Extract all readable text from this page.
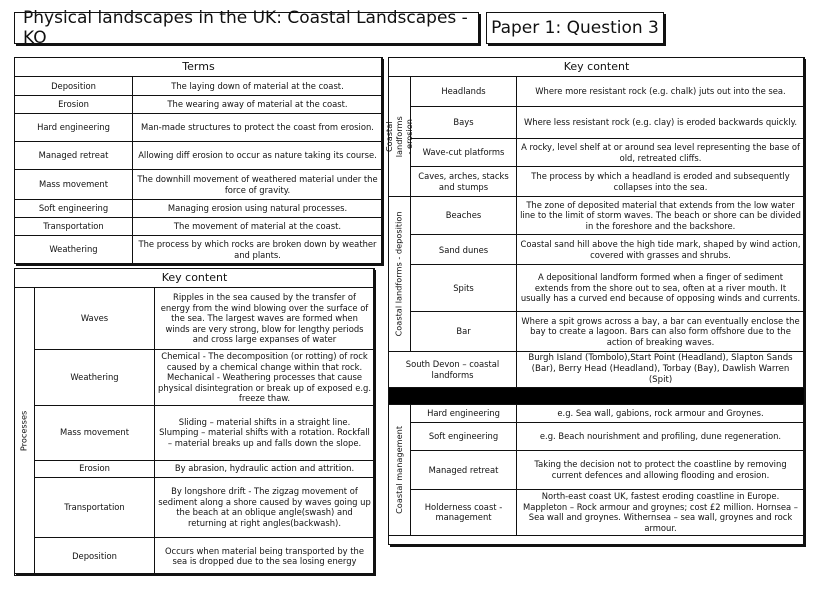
Physical landscapes in the UK: Coastal Landscapes - KO	Paper 1: Question 3
Terms	
Deposition	The laying down of material at the coast.
Erosion	The wearing away of material at the coast.
Hard engineering	Man-made structures to protect the coast from erosion.
Managed retreat	Allowing diff erosion to occur as nature taking its course.
Mass movement	The downhill movement of weathered material under the force of gravity.
Soft engineering	Managing erosion using natural processes.
Transportation	The movement of material at the coast.
Weathering	The process by which rocks are broken down by weather and plants.
Key content		

Processes	Waves	Ripples in the sea caused by the transfer of energy from the wind blowing over the surface of the sea. The largest waves are formed when winds are very strong, blow for lengthy periods and cross large expanses of water
	Weathering	Chemical - The decomposition (or rotting) of rock caused by a chemical change within that rock. Mechanical - Weathering processes that cause physical disintegration or break up of exposed e.g. freeze thaw.
	Mass movement	Sliding – material shifts in a straight line. Slumping – material shifts with a rotation. Rockfall – material breaks up and falls down the slope.
	Erosion	By abrasion, hydraulic action and attrition.
	Transportation	By longshore drift - The zigzag movement of sediment along a shore caused by waves going up the beach at an oblique angle(swash) and returning at right angles(backwash).
	Deposition	Occurs when material being transported by the sea is dropped due to the sea losing energy
Key content		

Coastal landforms - erosion	Headlands	Where more resistant rock (e.g. chalk) juts out into the sea.
	Bays	Where less resistant rock (e.g. clay) is eroded backwards quickly.
	Wave-cut platforms	A rocky, level shelf at or around sea level representing the base of old, retreated cliffs.
	Caves, arches, stacks and stumps	The process by which a headland is eroded and subsequently collapses into the sea.

Coastal landforms - deposition	Beaches	The zone of deposited material that extends from the low water line to the limit of storm waves. The beach or shore can be divided in the foreshore and the backshore.
	Sand dunes	Coastal sand hill above the high tide mark, shaped by wind action, covered with grasses and shrubs.
	Spits	A depositional landform formed when a finger of sediment extends from the shore out to sea, often at a river mouth. It usually has a curved end because of opposing winds and currents.
	Bar	Where a spit grows across a bay, a bar can eventually enclose the bay to create a lagoon. Bars can also form offshore due to the action of breaking waves.
South Devon – coastal landforms		Burgh Island (Tombolo),Start Point (Headland), Slapton Sands (Bar), Berry Head (Headland), Torbay (Bay), Dawlish Warren (Spit)

Coastal management	Hard engineering	e.g. Sea wall, gabions, rock armour and Groynes.
	Soft engineering	e.g. Beach nourishment and profiling, dune regeneration.
	Managed retreat	Taking the decision not to protect the coastline by removing current defences and allowing flooding and erosion.
	Holderness coast - management	North-east coast UK, fastest eroding coastline in Europe. Mappleton – Rock armour and groynes; cost £2 million. Hornsea – Sea wall and groynes. Withernsea – sea wall, groynes and rock armour.
